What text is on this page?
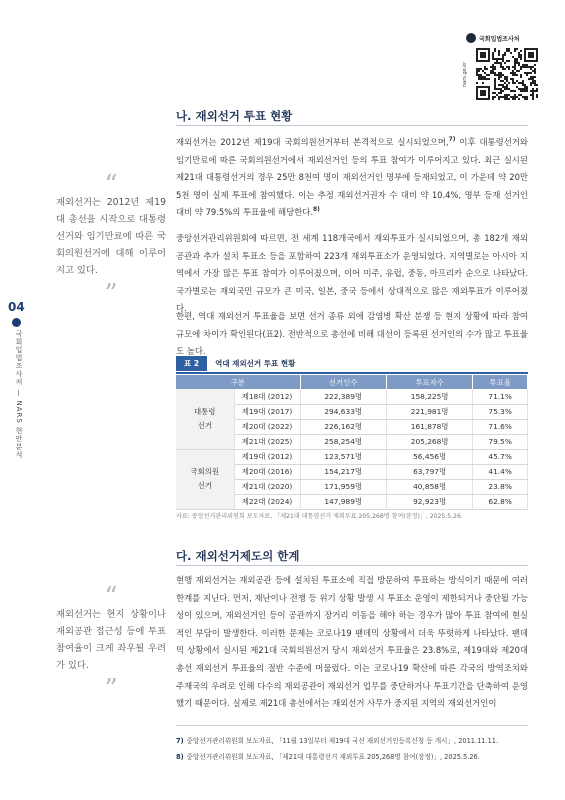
국회입법조사처
nars.go.kr
04
국회입법조사처 — NARS 현안분석
“

재외선거는 2012년 제19대 총선을 시작으로 대통령선거와 임기만료에 따른 국회의원선거에 대해 이루어지고 있다.

”
“

재외선거는 현지 상황이나 재외공관 접근성 등에 투표 참여율이 크게 좌우될 우려가 있다.

”
나. 재외선거 투표 현황

재외선거는 2012년 제19대 국회의원선거부터 본격적으로 실시되었으며,$^{7)}$ 이후 대통령선거와 임기만료에 따른 국회의원선거에서 재외선거인 등의 투표 참여가 이루어지고 있다. 최근 실시된 제21대 대통령선거의 경우 25만 8천여 명이 재외선거인 명부에 등재되었고, 이 가운데 약 20만 5천 명이 실제 투표에 참여했다. 이는 추정 재외선거권자 수 대비 약 10.4%, 명부 등재 선거인 대비 약 79.5%의 투표율에 해당한다.$^{8)}$

중앙선거관리위원회에 따르면, 전 세계 118개국에서 재외투표가 실시되었으며, 총 182개 재외공관과 추가 설치 투표소 등을 포함하여 223개 재외투표소가 운영되었다. 지역별로는 아시아 지역에서 가장 많은 투표 참여가 이루어졌으며, 이어 미주, 유럽, 중동, 아프리카 순으로 나타났다. 국가별로는 재외국민 규모가 큰 미국, 일본, 중국 등에서 상대적으로 많은 재외투표가 이루어졌다.

한편, 역대 재외선거 투표율을 보면 선거 종류 외에 감염병 확산 분쟁 등 현지 상황에 따라 참여 규모에 차이가 확인된다(표2). 전반적으로 총선에 비해 대선이 등록된 선거인의 수가 많고 투표율도 높다.

표 2	역대 재외선거 투표 현황
구분		선거인수	투표자수	투표율
대통령
선거	제18대 (2012)	222,389명	158,225명	71.1%
	제19대 (2017)	294,633명	221,981명	75.3%
	제20대 (2022)	226,162명	161,878명	71.6%
	제21대 (2025)	258,254명	205,268명	79.5%
국회의원
선거	제19대 (2012)	123,571명	56,456명	45.7%
	제20대 (2016)	154,217명	63,797명	41.4%
	제21대 (2020)	171,959명	40,858명	23.8%
	제22대 (2024)	147,989명	92,923명	62.8%
자료: 중앙선거관리위원회 보도자료, 「제21대 대통령선거 재외투표 205,268명 참여(잠정)」, 2025.5.26.
다. 재외선거제도의 한계

현행 재외선거는 재외공관 등에 설치된 투표소에 직접 방문하여 투표하는 방식이기 때문에 여러 한계를 지닌다. 먼저, 재난이나 전쟁 등 위기 상황 발생 시 투표소 운영이 제한되거나 중단될 가능성이 있으며, 재외선거인 등이 공관까지 장거리 이동을 해야 하는 경우가 많아 투표 참여에 현실적인 부담이 발생한다. 이러한 문제는 코로나19 팬데믹 상황에서 더욱 뚜렷하게 나타났다. 팬데믹 상황에서 실시된 제21대 국회의원선거 당시 재외선거 투표율은 23.8%로, 제19대와 제20대 총선 재외선거 투표율의 절반 수준에 머물렀다. 이는 코로나19 확산에 따른 각국의 방역조치와 주재국의 우려로 인해 다수의 재외공관이 재외선거 업무를 중단하거나 투표기간을 단축하여 운영했기 때문이다. 실제로 제21대 총선에서는 재외선거 사무가 중지된 지역의 재외선거인이

7) 중앙선거관리위원회 보도자료, 「11월 13일부터 제19대 국선 재외선거인등록신청 등 개시」, 2011.11.11.
8) 중앙선거관리위원회 보도자료, 「제21대 대통령선거 재외투표 205,268명 참여(잠정)」, 2025.5.26.
